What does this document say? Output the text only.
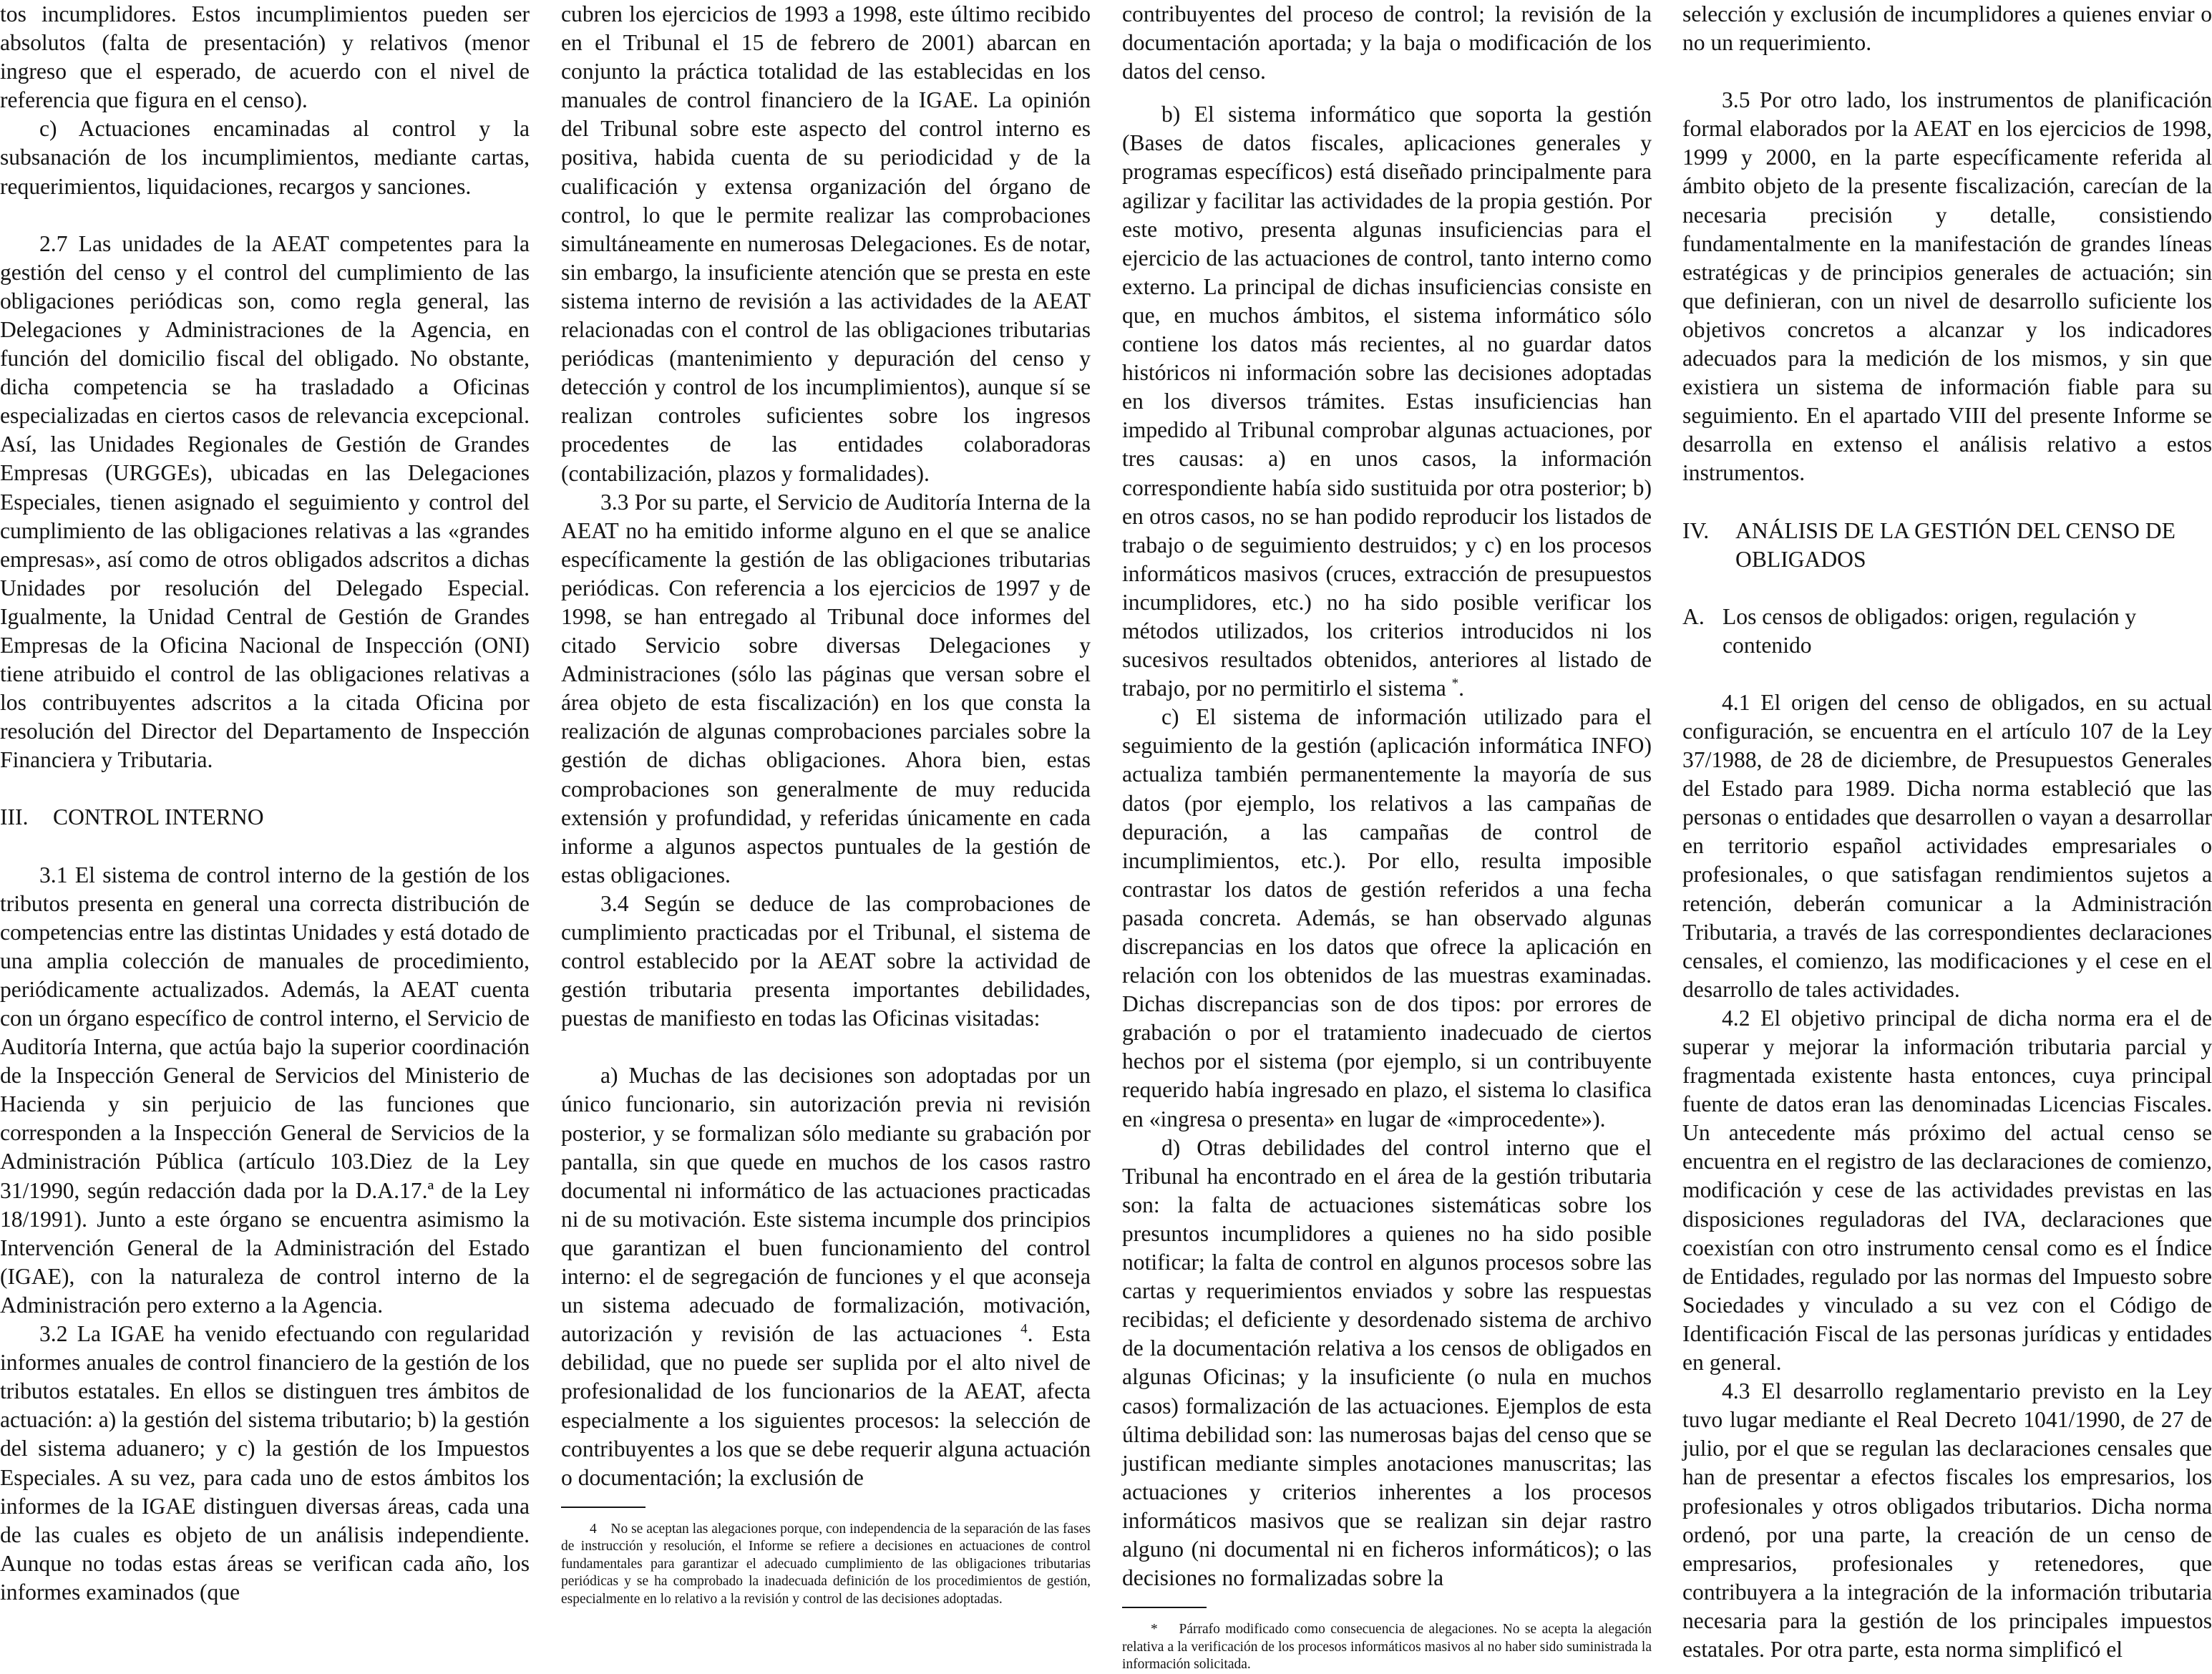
tos incumplidores. Estos incumplimientos pueden ser absolutos (falta de presentación) y relativos (menor ingreso que el esperado, de acuerdo con el nivel de referencia que figura en el censo).

c) Actuaciones encaminadas al control y la subsanación de los incumplimientos, mediante cartas, requerimientos, liquidaciones, recargos y sanciones.

2.7 Las unidades de la AEAT competentes para la gestión del censo y el control del cumplimiento de las obligaciones periódicas son, como regla general, las Delegaciones y Administraciones de la Agencia, en función del domicilio fiscal del obligado. No obstante, dicha competencia se ha trasladado a Oficinas especializadas en ciertos casos de relevancia excepcional. Así, las Unidades Regionales de Gestión de Grandes Empresas (URGGEs), ubicadas en las Delegaciones Especiales, tienen asignado el seguimiento y control del cumplimiento de las obligaciones relativas a las «grandes empresas», así como de otros obligados adscritos a dichas Unidades por resolución del Delegado Especial. Igualmente, la Unidad Central de Gestión de Grandes Empresas de la Oficina Nacional de Inspección (ONI) tiene atribuido el control de las obligaciones relativas a los contribuyentes adscritos a la citada Oficina por resolución del Director del Departamento de Inspección Financiera y Tributaria.

III. CONTROL INTERNO

3.1 El sistema de control interno de la gestión de los tributos presenta en general una correcta distribución de competencias entre las distintas Unidades y está dotado de una amplia colección de manuales de procedimiento, periódicamente actualizados. Además, la AEAT cuenta con un órgano específico de control interno, el Servicio de Auditoría Interna, que actúa bajo la superior coordinación de la Inspección General de Servicios del Ministerio de Hacienda y sin perjuicio de las funciones que corresponden a la Inspección General de Servicios de la Administración Pública (artículo 103.Diez de la Ley 31/1990, según redacción dada por la D.A.17.ª de la Ley 18/1991). Junto a este órgano se encuentra asimismo la Intervención General de la Administración del Estado (IGAE), con la naturaleza de control interno de la Administración pero externo a la Agencia.

3.2 La IGAE ha venido efectuando con regularidad informes anuales de control financiero de la gestión de los tributos estatales. En ellos se distinguen tres ámbitos de actuación: a) la gestión del sistema tributario; b) la gestión del sistema aduanero; y c) la gestión de los Impuestos Especiales. A su vez, para cada uno de estos ámbitos los informes de la IGAE distinguen diversas áreas, cada una de las cuales es objeto de un análisis independiente. Aunque no todas estas áreas se verifican cada año, los informes examinados (que

cubren los ejercicios de 1993 a 1998, este último recibido en el Tribunal el 15 de febrero de 2001) abarcan en conjunto la práctica totalidad de las establecidas en los manuales de control financiero de la IGAE. La opinión del Tribunal sobre este aspecto del control interno es positiva, habida cuenta de su periodicidad y de la cualificación y extensa organización del órgano de control, lo que le permite realizar las comprobaciones simultáneamente en numerosas Delegaciones. Es de notar, sin embargo, la insuficiente atención que se presta en este sistema interno de revisión a las actividades de la AEAT relacionadas con el control de las obligaciones tributarias periódicas (mantenimiento y depuración del censo y detección y control de los incumplimientos), aunque sí se realizan controles suficientes sobre los ingresos procedentes de las entidades colaboradoras (contabilización, plazos y formalidades).

3.3 Por su parte, el Servicio de Auditoría Interna de la AEAT no ha emitido informe alguno en el que se analice específicamente la gestión de las obligaciones tributarias periódicas. Con referencia a los ejercicios de 1997 y de 1998, se han entregado al Tribunal doce informes del citado Servicio sobre diversas Delegaciones y Administraciones (sólo las páginas que versan sobre el área objeto de esta fiscalización) en los que consta la realización de algunas comprobaciones parciales sobre la gestión de dichas obligaciones. Ahora bien, estas comprobaciones son generalmente de muy reducida extensión y profundidad, y referidas únicamente en cada informe a algunos aspectos puntuales de la gestión de estas obligaciones.

3.4 Según se deduce de las comprobaciones de cumplimiento practicadas por el Tribunal, el sistema de control establecido por la AEAT sobre la actividad de gestión tributaria presenta importantes debilidades, puestas de manifiesto en todas las Oficinas visitadas:

a) Muchas de las decisiones son adoptadas por un único funcionario, sin autorización previa ni revisión posterior, y se formalizan sólo mediante su grabación por pantalla, sin que quede en muchos de los casos rastro documental ni informático de las actuaciones practicadas ni de su motivación. Este sistema incumple dos principios que garantizan el buen funcionamiento del control interno: el de segregación de funciones y el que aconseja un sistema adecuado de formalización, motivación, autorización y revisión de las actuaciones $^4$. Esta debilidad, que no puede ser suplida por el alto nivel de profesionalidad de los funcionarios de la AEAT, afecta especialmente a los siguientes procesos: la selección de contribuyentes a los que se debe requerir alguna actuación o documentación; la exclusión de

4 No se aceptan las alegaciones porque, con independencia de la separación de las fases de instrucción y resolución, el Informe se refiere a decisiones en actuaciones de control fundamentales para garantizar el adecuado cumplimiento de las obligaciones tributarias periódicas y se ha comprobado la inadecuada definición de los procedimientos de gestión, especialmente en lo relativo a la revisión y control de las decisiones adoptadas.

contribuyentes del proceso de control; la revisión de la documentación aportada; y la baja o modificación de los datos del censo.

b) El sistema informático que soporta la gestión (Bases de datos fiscales, aplicaciones generales y programas específicos) está diseñado principalmente para agilizar y facilitar las actividades de la propia gestión. Por este motivo, presenta algunas insuficiencias para el ejercicio de las actuaciones de control, tanto interno como externo. La principal de dichas insuficiencias consiste en que, en muchos ámbitos, el sistema informático sólo contiene los datos más recientes, al no guardar datos históricos ni información sobre las decisiones adoptadas en los diversos trámites. Estas insuficiencias han impedido al Tribunal comprobar algunas actuaciones, por tres causas: a) en unos casos, la información correspondiente había sido sustituida por otra posterior; b) en otros casos, no se han podido reproducir los listados de trabajo o de seguimiento destruidos; y c) en los procesos informáticos masivos (cruces, extracción de presupuestos incumplidores, etc.) no ha sido posible verificar los métodos utilizados, los criterios introducidos ni los sucesivos resultados obtenidos, anteriores al listado de trabajo, por no permitirlo el sistema *.

c) El sistema de información utilizado para el seguimiento de la gestión (aplicación informática INFO) actualiza también permanentemente la mayoría de sus datos (por ejemplo, los relativos a las campañas de depuración, a las campañas de control de incumplimientos, etc.). Por ello, resulta imposible contrastar los datos de gestión referidos a una fecha pasada concreta. Además, se han observado algunas discrepancias en los datos que ofrece la aplicación en relación con los obtenidos de las muestras examinadas. Dichas discrepancias son de dos tipos: por errores de grabación o por el tratamiento inadecuado de ciertos hechos por el sistema (por ejemplo, si un contribuyente requerido había ingresado en plazo, el sistema lo clasifica en «ingresa o presenta» en lugar de «improcedente»).

d) Otras debilidades del control interno que el Tribunal ha encontrado en el área de la gestión tributaria son: la falta de actuaciones sistemáticas sobre los presuntos incumplidores a quienes no ha sido posible notificar; la falta de control en algunos procesos sobre las cartas y requerimientos enviados y sobre las respuestas recibidas; el deficiente y desordenado sistema de archivo de la documentación relativa a los censos de obligados en algunas Oficinas; y la insuficiente (o nula en muchos casos) formalización de las actuaciones. Ejemplos de esta última debilidad son: las numerosas bajas del censo que se justifican mediante simples anotaciones manuscritas; las actuaciones y criterios inherentes a los procesos informáticos masivos que se realizan sin dejar rastro alguno (ni documental ni en ficheros informáticos); o las decisiones no formalizadas sobre la

* Párrafo modificado como consecuencia de alegaciones. No se acepta la alegación relativa a la verificación de los procesos informáticos masivos al no haber sido suministrada la información solicitada.

selección y exclusión de incumplidores a quienes enviar o no un requerimiento.

3.5 Por otro lado, los instrumentos de planificación formal elaborados por la AEAT en los ejercicios de 1998, 1999 y 2000, en la parte específicamente referida al ámbito objeto de la presente fiscalización, carecían de la necesaria precisión y detalle, consistiendo fundamentalmente en la manifestación de grandes líneas estratégicas y de principios generales de actuación; sin que definieran, con un nivel de desarrollo suficiente los objetivos concretos a alcanzar y los indicadores adecuados para la medición de los mismos, y sin que existiera un sistema de información fiable para su seguimiento. En el apartado VIII del presente Informe se desarrolla en extenso el análisis relativo a estos instrumentos.

IV. ANÁLISIS DE LA GESTIÓN DEL CENSO DE OBLIGADOS
A. Los censos de obligados: origen, regulación y contenido

4.1 El origen del censo de obligados, en su actual configuración, se encuentra en el artículo 107 de la Ley 37/1988, de 28 de diciembre, de Presupuestos Generales del Estado para 1989. Dicha norma estableció que las personas o entidades que desarrollen o vayan a desarrollar en territorio español actividades empresariales o profesionales, o que satisfagan rendimientos sujetos a retención, deberán comunicar a la Administración Tributaria, a través de las correspondientes declaraciones censales, el comienzo, las modificaciones y el cese en el desarrollo de tales actividades.

4.2 El objetivo principal de dicha norma era el de superar y mejorar la información tributaria parcial y fragmentada existente hasta entonces, cuya principal fuente de datos eran las denominadas Licencias Fiscales. Un antecedente más próximo del actual censo se encuentra en el registro de las declaraciones de comienzo, modificación y cese de las actividades previstas en las disposiciones reguladoras del IVA, declaraciones que coexistían con otro instrumento censal como es el Índice de Entidades, regulado por las normas del Impuesto sobre Sociedades y vinculado a su vez con el Código de Identificación Fiscal de las personas jurídicas y entidades en general.

4.3 El desarrollo reglamentario previsto en la Ley tuvo lugar mediante el Real Decreto 1041/1990, de 27 de julio, por el que se regulan las declaraciones censales que han de presentar a efectos fiscales los empresarios, los profesionales y otros obligados tributarios. Dicha norma ordenó, por una parte, la creación de un censo de empresarios, profesionales y retenedores, que contribuyera a la integración de la información tributaria necesaria para la gestión de los principales impuestos estatales. Por otra parte, esta norma simplificó el
